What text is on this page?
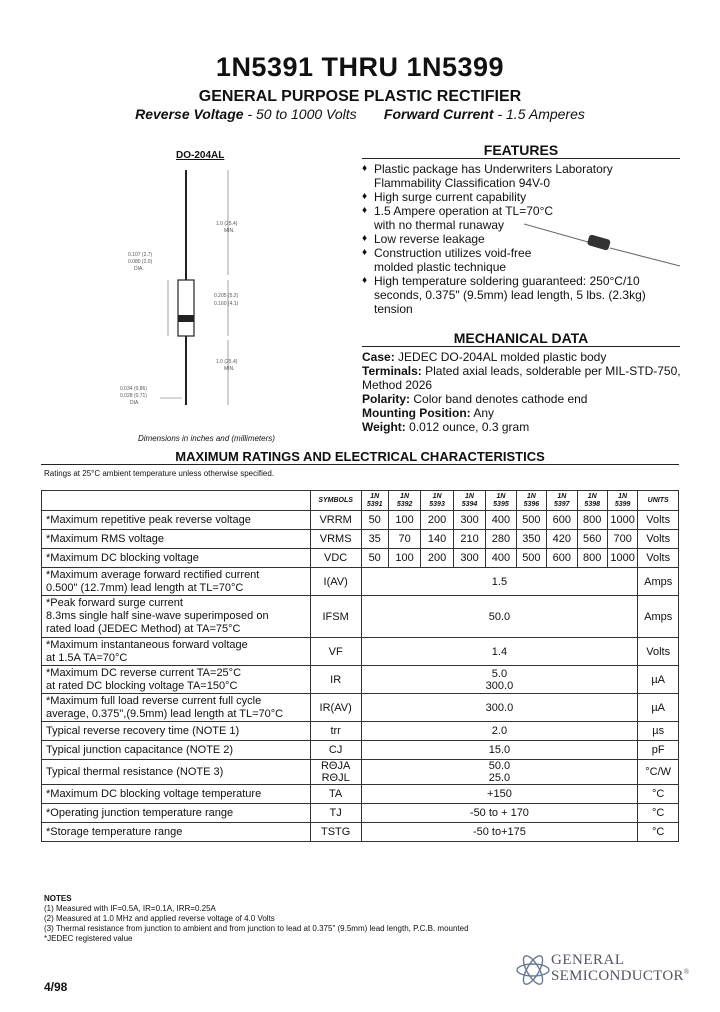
1N5391 THRU 1N5399
GENERAL PURPOSE PLASTIC RECTIFIER
Reverse Voltage - 50 to 1000 Volts Forward Current - 1.5 Amperes
DO-204AL
0.107 (2.7)
0.080 (2.0)
DIA.
1.0 (25.4)
MIN.
0.205 (5.2)
0.160 (4.1)
1.0 (25.4)
MIN.
0.034 (0.86)
0.028 (0.71)
DIA.
Dimensions in inches and (millimeters)
FEATURES
♦ Plastic package has Underwriters Laboratory Flammability Classification 94V-0
♦ High surge current capability
♦ 1.5 Ampere operation at TL=70°C with no thermal runaway
♦ Low reverse leakage
♦ Construction utilizes void-free molded plastic technique
♦ High temperature soldering guaranteed: 250°C/10 seconds, 0.375" (9.5mm) lead length, 5 lbs. (2.3kg) tension
MECHANICAL DATA
Case: JEDEC DO-204AL molded plastic body
Terminals: Plated axial leads, solderable per MIL-STD-750, Method 2026
Polarity: Color band denotes cathode end
Mounting Position: Any
Weight: 0.012 ounce, 0.3 gram
MAXIMUM RATINGS AND ELECTRICAL CHARACTERISTICS
Ratings at 25°C ambient temperature unless otherwise specified.
	SYMBOLS	1N
5391	1N
5392	1N
5393	1N
5394	1N
5395	1N
5396	1N
5397	1N
5398	1N
5399	UNITS
*Maximum repetitive peak reverse voltage	VRRM	50	100	200	300	400	500	600	800	1000	Volts
*Maximum RMS voltage	VRMS	35	70	140	210	280	350	420	560	700	Volts
*Maximum DC blocking voltage	VDC	50	100	200	300	400	500	600	800	1000	Volts
*Maximum average forward rectified current
0.500" (12.7mm) lead length at TL=70°C	I(AV)	1.5									Amps
*Peak forward surge current
8.3ms single half sine-wave superimposed on
rated load (JEDEC Method) at TA=75°C	IFSM	50.0									Amps
*Maximum instantaneous forward voltage
at 1.5A TA=70°C	VF	1.4									Volts
*Maximum DC reverse current TA=25°C
at rated DC blocking voltage TA=150°C	IR	5.0
300.0									µA
*Maximum full load reverse current full cycle
average, 0.375",(9.5mm) lead length at TL=70°C	IR(AV)	300.0									µA
Typical reverse recovery time (NOTE 1)	trr	2.0									µs
Typical junction capacitance (NOTE 2)	CJ	15.0									pF
Typical thermal resistance (NOTE 3)	RΘJA
RΘJL	50.0
25.0									°C/W
*Maximum DC blocking voltage temperature	TA	+150									°C
*Operating junction temperature range	TJ	-50 to + 170									°C
*Storage temperature range	TSTG	-50 to+175									°C
NOTES
(1) Measured with IF=0.5A, IR=0.1A, IRR=0.25A
(2) Measured at 1.0 MHz and applied reverse voltage of 4.0 Volts
(3) Thermal resistance from junction to ambient and from junction to lead at 0.375" (9.5mm) lead length, P.C.B. mounted
*JEDEC registered value
4/98
GENERAL
SEMICONDUCTOR®
